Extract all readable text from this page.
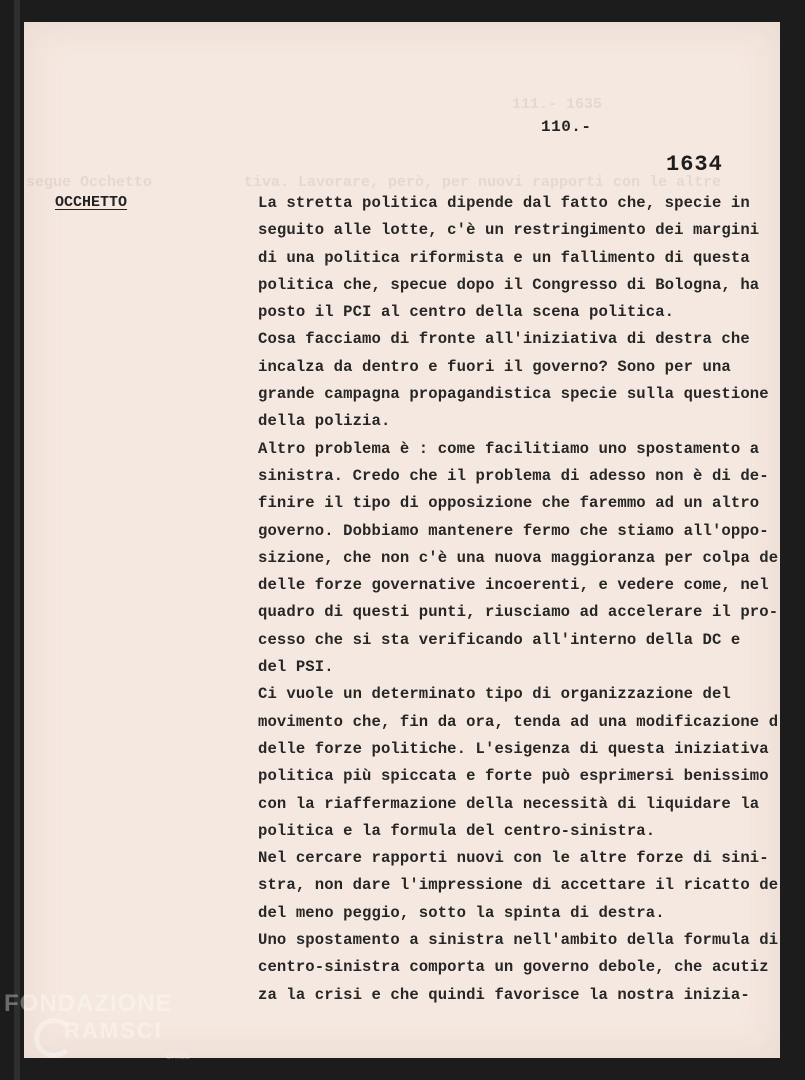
111.- 1635
segue Occhetto	tiva. Lavorare, però, per nuovi rapporti con le altre
110.-
1634
OCCHETTO	La stretta politica dipende dal fatto che, specie in
seguito alle lotte, c'è un restringimento dei margini
di una politica riformista e un fallimento di questa
politica che, specue dopo il Congresso di Bologna, ha
posto il PCI al centro della scena politica.
Cosa facciamo di fronte all'iniziativa di destra che
incalza da dentro e fuori il governo? Sono per una
grande campagna propagandistica specie sulla questione
della polizia.
Altro problema è : come facilitiamo uno spostamento a
sinistra. Credo che il problema di adesso non è di de-
finire il tipo di opposizione che faremmo ad un altro
governo. Dobbiamo mantenere fermo che stiamo all'oppo-
sizione, che non c'è una nuova maggioranza per colpa de
delle forze governative incoerenti, e vedere come, nel
quadro di questi punti, riusciamo ad accelerare il pro-
cesso che si sta verificando all'interno della DC e
del PSI.
Ci vuole un determinato tipo di organizzazione del
movimento che, fin da ora, tenda ad una modificazione d
delle forze politiche. L'esigenza di questa iniziativa
politica più spiccata e forte può esprimersi benissimo
con la riaffermazione della necessità di liquidare la
politica e la formula del centro-sinistra.
Nel cercare rapporti nuovi con le altre forze di sini-
stra, non dare l'impressione di accettare il ricatto de
del meno peggio, sotto la spinta di destra.
Uno spostamento a sinistra nell'ambito della formula di
centro-sinistra comporta un governo debole, che acutiz
za la crisi e che quindi favorisce la nostra inizia-
FONDAZIONE
RAMSCI
onlus
